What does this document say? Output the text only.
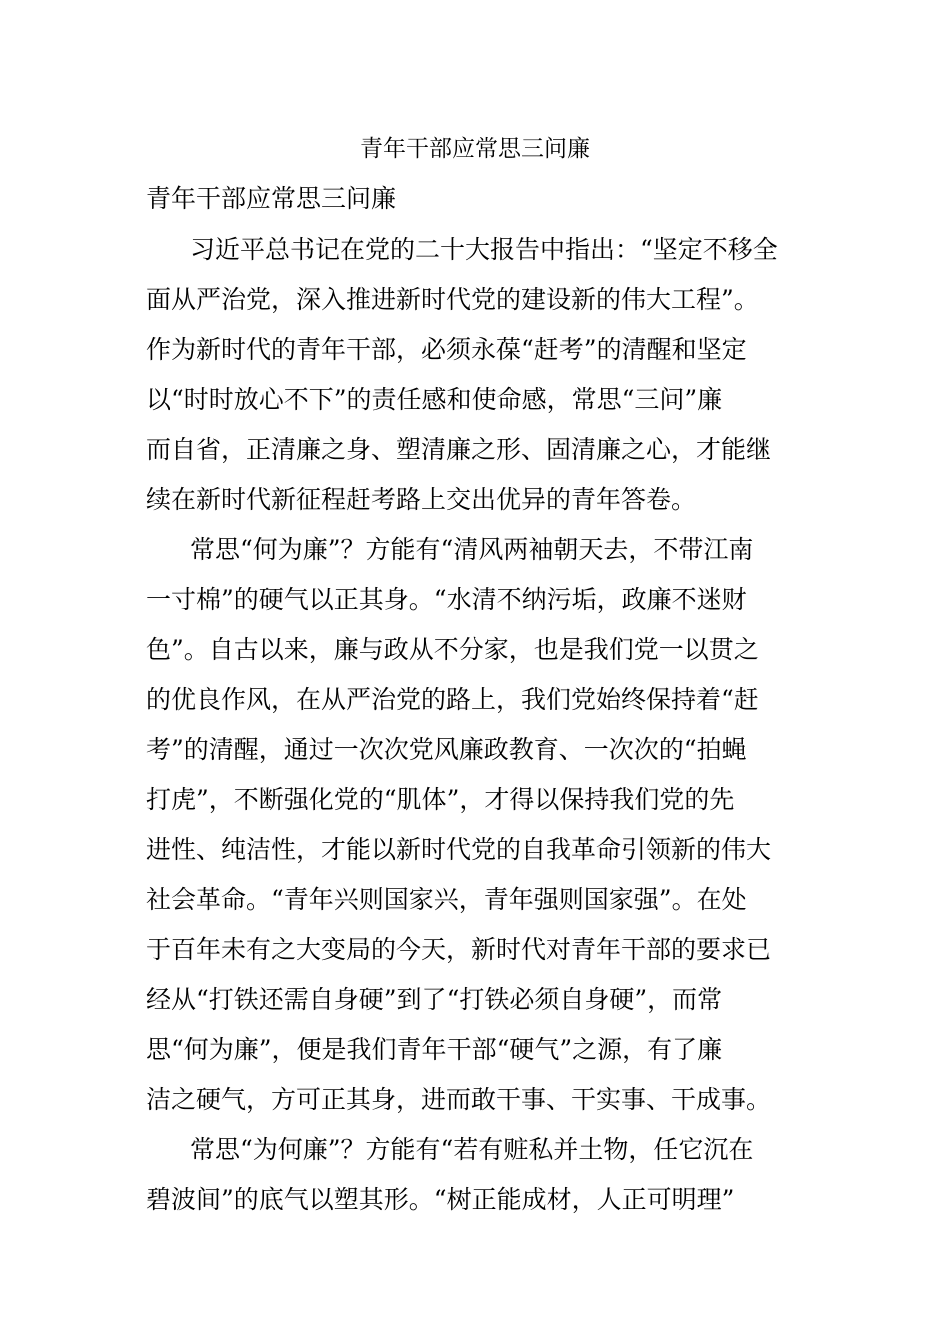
青年干部应常思三问廉
青年干部应常思三问廉
习近平总书记在党的二十大报告中指出：“坚定不移全
面从严治党，深入推进新时代党的建设新的伟大工程”。
作为新时代的青年干部，必须永葆“赶考”的清醒和坚定
以“时时放心不下”的责任感和使命感，常思“三问”廉
而自省，正清廉之身、塑清廉之形、固清廉之心，才能继
续在新时代新征程赶考路上交出优异的青年答卷。
常思“何为廉”？方能有“清风两袖朝天去，不带江南
一寸棉”的硬气以正其身。“水清不纳污垢，政廉不迷财
色”。自古以来，廉与政从不分家，也是我们党一以贯之
的优良作风，在从严治党的路上，我们党始终保持着“赶
考”的清醒，通过一次次党风廉政教育、一次次的“拍蝇
打虎”，不断强化党的“肌体”，才得以保持我们党的先
进性、纯洁性，才能以新时代党的自我革命引领新的伟大
社会革命。“青年兴则国家兴，青年强则国家强”。在处
于百年未有之大变局的今天，新时代对青年干部的要求已
经从“打铁还需自身硬”到了“打铁必须自身硬”，而常
思“何为廉”，便是我们青年干部“硬气”之源，有了廉
洁之硬气，方可正其身，进而敢干事、干实事、干成事。
常思“为何廉”？方能有“若有赃私并土物，任它沉在
碧波间”的底气以塑其形。“树正能成材，人正可明理”
